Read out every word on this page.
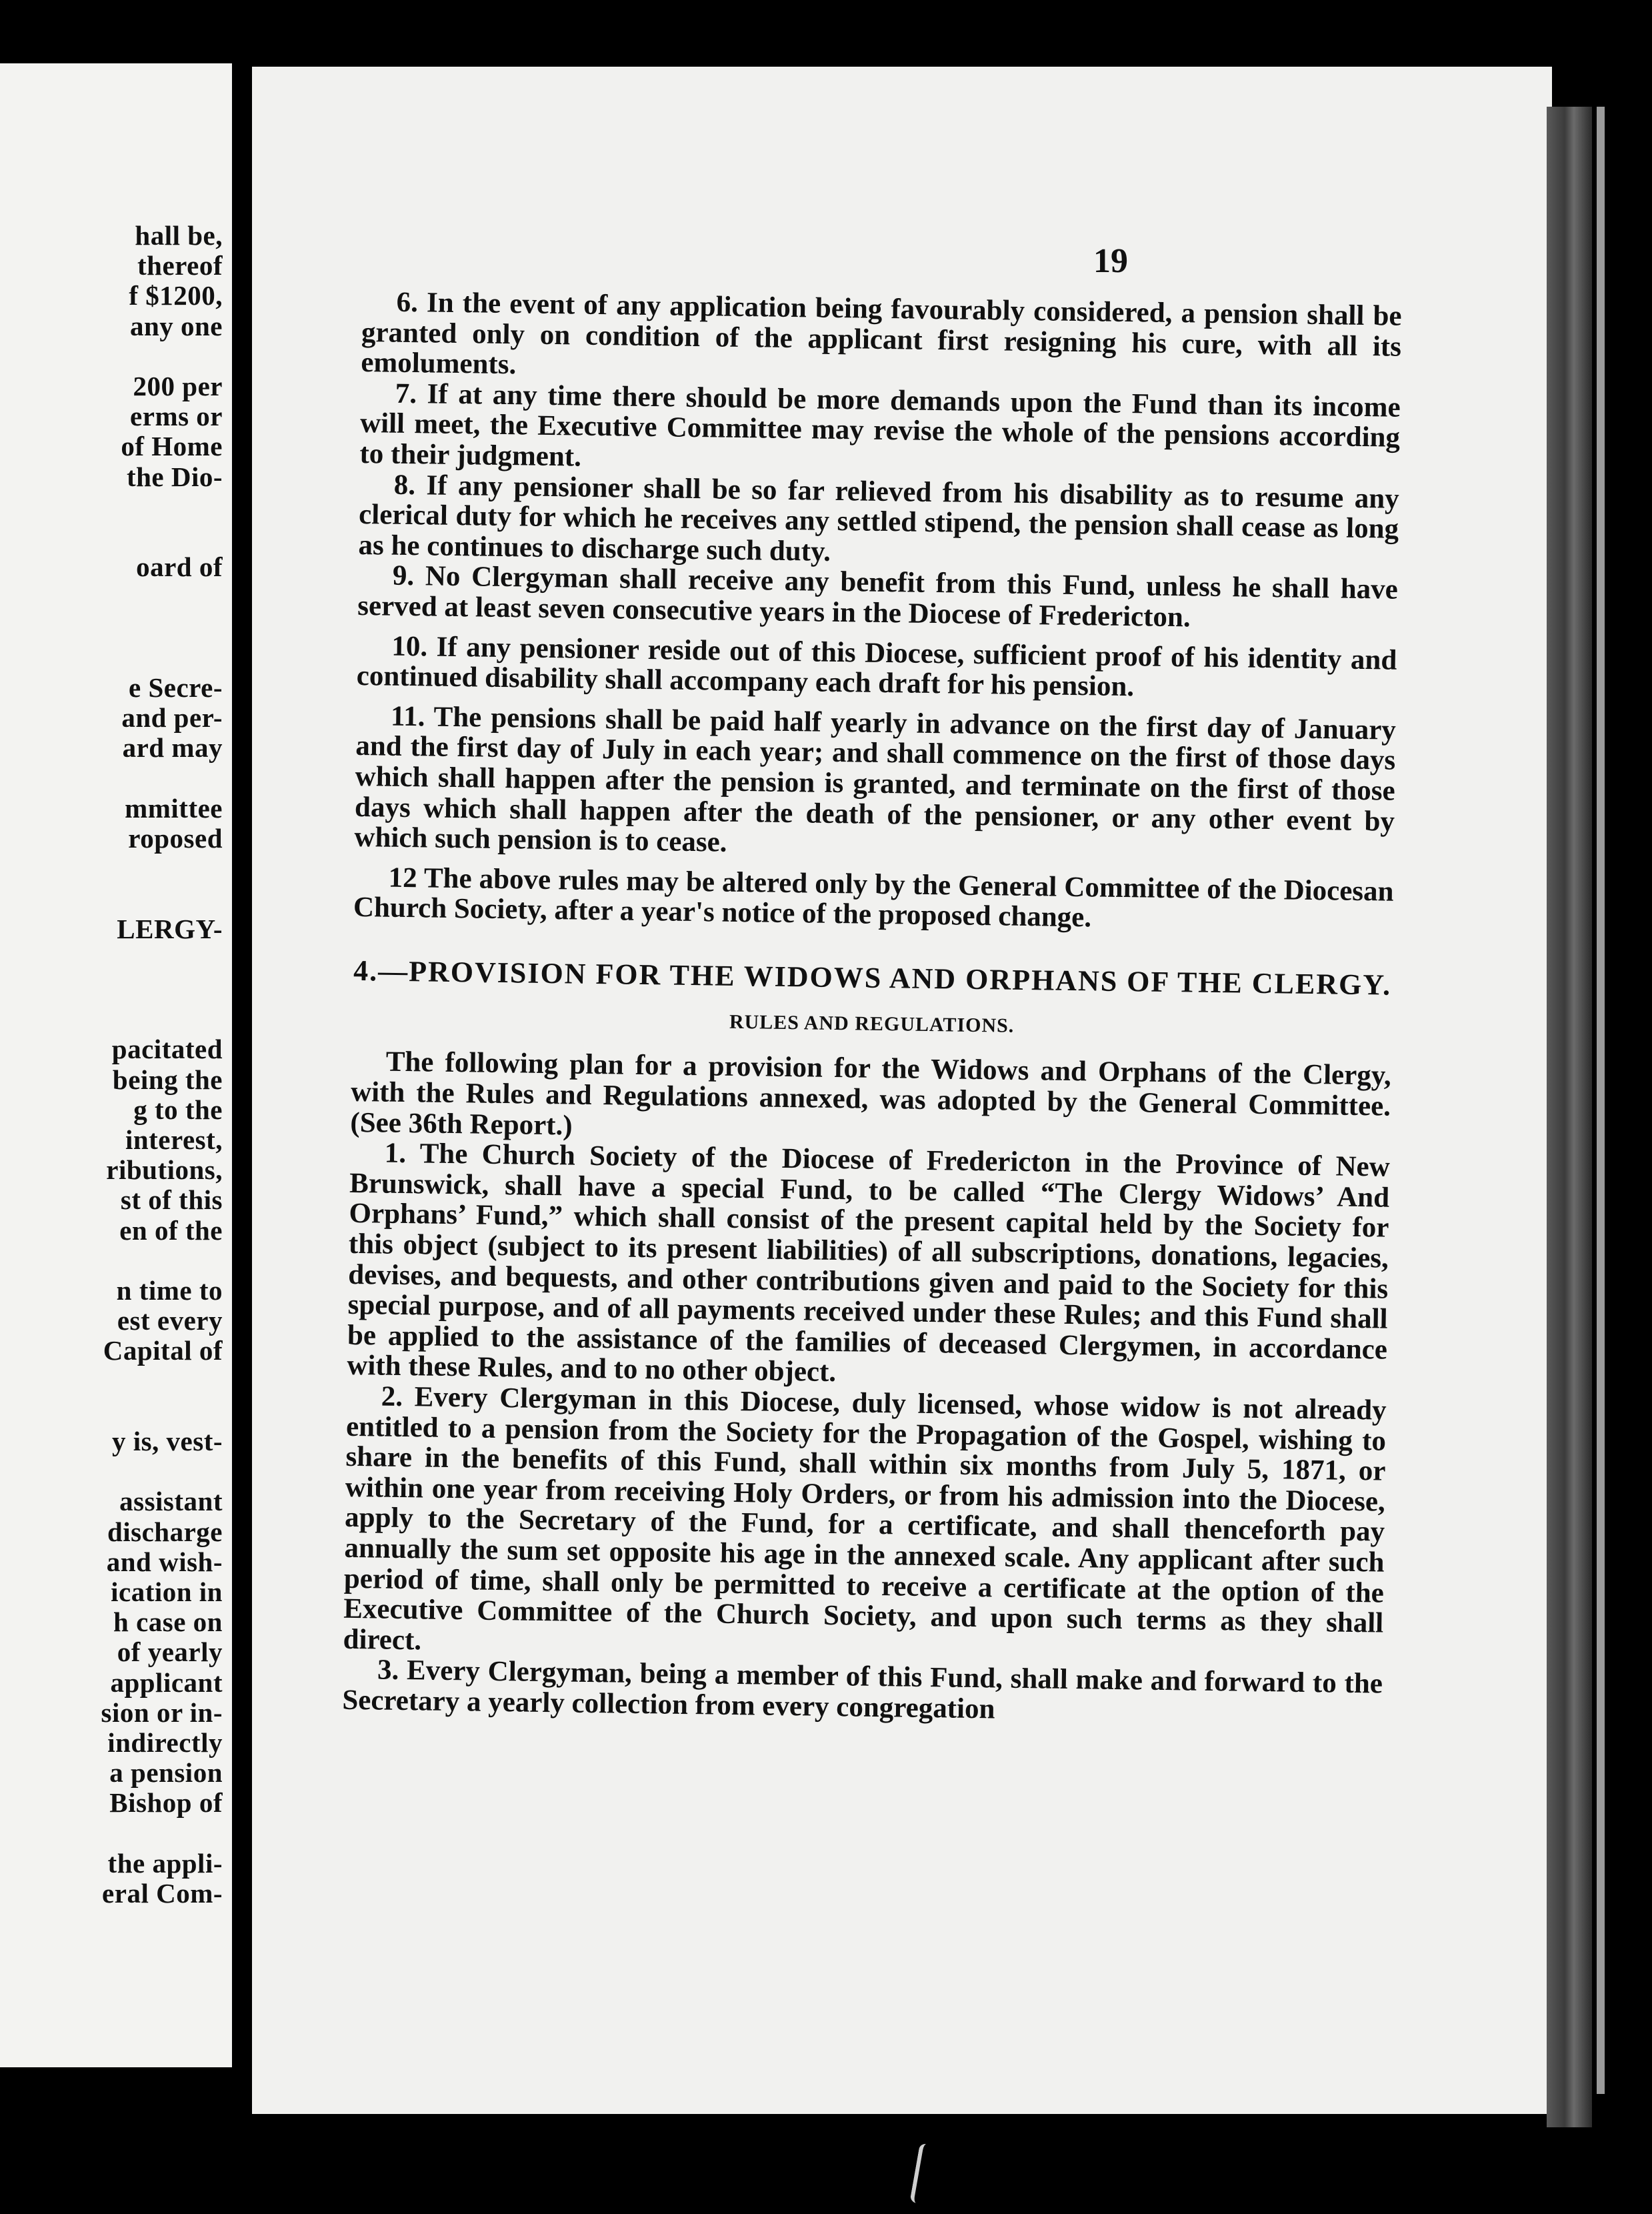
hall be,
thereof
f $1200,
any one
200 per
erms or
of Home
the Dio-
oard of
e Secre-
and per-
ard may
mmittee
roposed
LERGY-
pacitated
being the
g to the
interest,
ributions,
st of this
en of the
n time to
est every
Capital of
y is, vest-
assistant
discharge
and wish-
ication in
h case on
of yearly
applicant
sion or in-
indirectly
a pension
Bishop of
the appli-
eral Com-
19

6. In the event of any application being favourably considered, a pension shall be granted only on condition of the applicant first resigning his cure, with all its emoluments.

7. If at any time there should be more demands upon the Fund than its income will meet, the Executive Committee may revise the whole of the pensions according to their judgment.

8. If any pensioner shall be so far relieved from his disability as to resume any clerical duty for which he receives any settled stipend, the pension shall cease as long as he continues to discharge such duty.

9. No Clergyman shall receive any benefit from this Fund, unless he shall have served at least seven consecutive years in the Diocese of Fredericton.

10. If any pensioner reside out of this Diocese, sufficient proof of his identity and continued disability shall accompany each draft for his pension.

11. The pensions shall be paid half yearly in advance on the first day of January and the first day of July in each year; and shall commence on the first of those days which shall happen after the pension is granted, and terminate on the first of those days which shall happen after the death of the pensioner, or any other event by which such pension is to cease.

12 The above rules may be altered only by the General Committee of the Diocesan Church Society, after a year's notice of the proposed change.

4.—PROVISION FOR THE WIDOWS AND ORPHANS OF THE CLERGY.
RULES AND REGULATIONS.

The following plan for a provision for the Widows and Orphans of the Clergy, with the Rules and Regulations annexed, was adopted by the General Committee. (See 36th Report.)

1. The Church Society of the Diocese of Fredericton in the Province of New Brunswick, shall have a special Fund, to be called “The Clergy Widows’ And Orphans’ Fund,” which shall consist of the present capital held by the Society for this object (subject to its present liabilities) of all subscriptions, donations, legacies, devises, and bequests, and other contributions given and paid to the Society for this special purpose, and of all payments received under these Rules; and this Fund shall be applied to the assistance of the families of deceased Clergymen, in accordance with these Rules, and to no other object.

2. Every Clergyman in this Diocese, duly licensed, whose widow is not already entitled to a pension from the Society for the Propagation of the Gospel, wishing to share in the benefits of this Fund, shall within six months from July 5, 1871, or within one year from receiving Holy Orders, or from his admission into the Diocese, apply to the Secretary of the Fund, for a certificate, and shall thenceforth pay annually the sum set opposite his age in the annexed scale. Any applicant after such period of time, shall only be permitted to receive a certificate at the option of the Executive Committee of the Church Society, and upon such terms as they shall direct.

3. Every Clergyman, being a member of this Fund, shall make and forward to the Secretary a yearly collection from every congregation
